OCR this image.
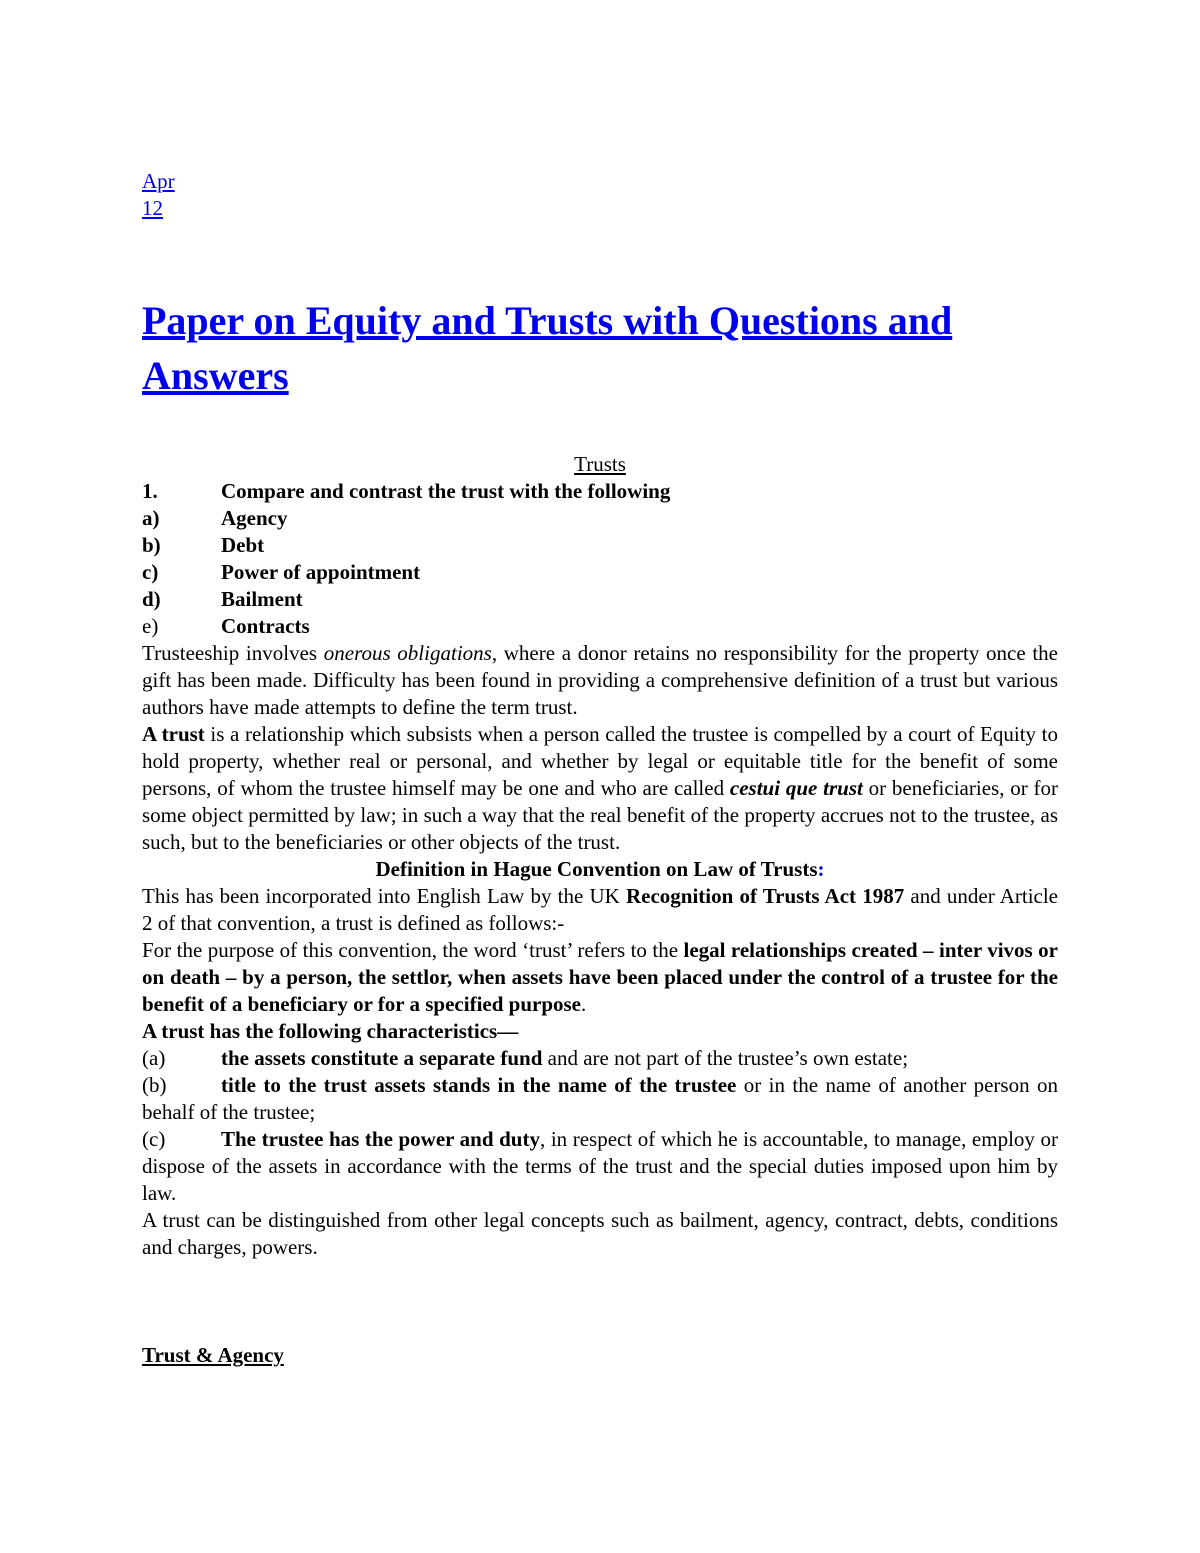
Apr
12
Paper on Equity and Trusts with Questions and Answers
Trusts
1.	Compare and contrast the trust with the following
a)	Agency
b)	Debt
c)	Power of appointment
d)	Bailment
e)	Contracts

Trusteeship involves onerous obligations, where a donor retains no responsibility for the property once the gift has been made. Difficulty has been found in providing a comprehensive definition of a trust but various authors have made attempts to define the term trust.

A trust is a relationship which subsists when a person called the trustee is compelled by a court of Equity to hold property, whether real or personal, and whether by legal or equitable title for the benefit of some persons, of whom the trustee himself may be one and who are called cestui que trust or beneficiaries, or for some object permitted by law; in such a way that the real benefit of the property accrues not to the trustee, as such, but to the beneficiaries or other objects of the trust.

Definition in Hague Convention on Law of Trusts:

This has been incorporated into English Law by the UK Recognition of Trusts Act 1987 and under Article 2 of that convention, a trust is defined as follows:-

For the purpose of this convention, the word ‘trust’ refers to the legal relationships created – inter vivos or on death – by a person, the settlor, when assets have been placed under the control of a trustee for the benefit of a beneficiary or for a specified purpose.

A trust has the following characteristics—

(a)	the assets constitute a separate fund and are not part of the trustee’s own estate;

(b)	title to the trust assets stands in the name of the trustee or in the name of another person on behalf of the trustee;

(c)	The trustee has the power and duty, in respect of which he is accountable, to manage, employ or dispose of the assets in accordance with the terms of the trust and the special duties imposed upon him by law.

A trust can be distinguished from other legal concepts such as bailment, agency, contract, debts, conditions and charges, powers.

Trust & Agency
